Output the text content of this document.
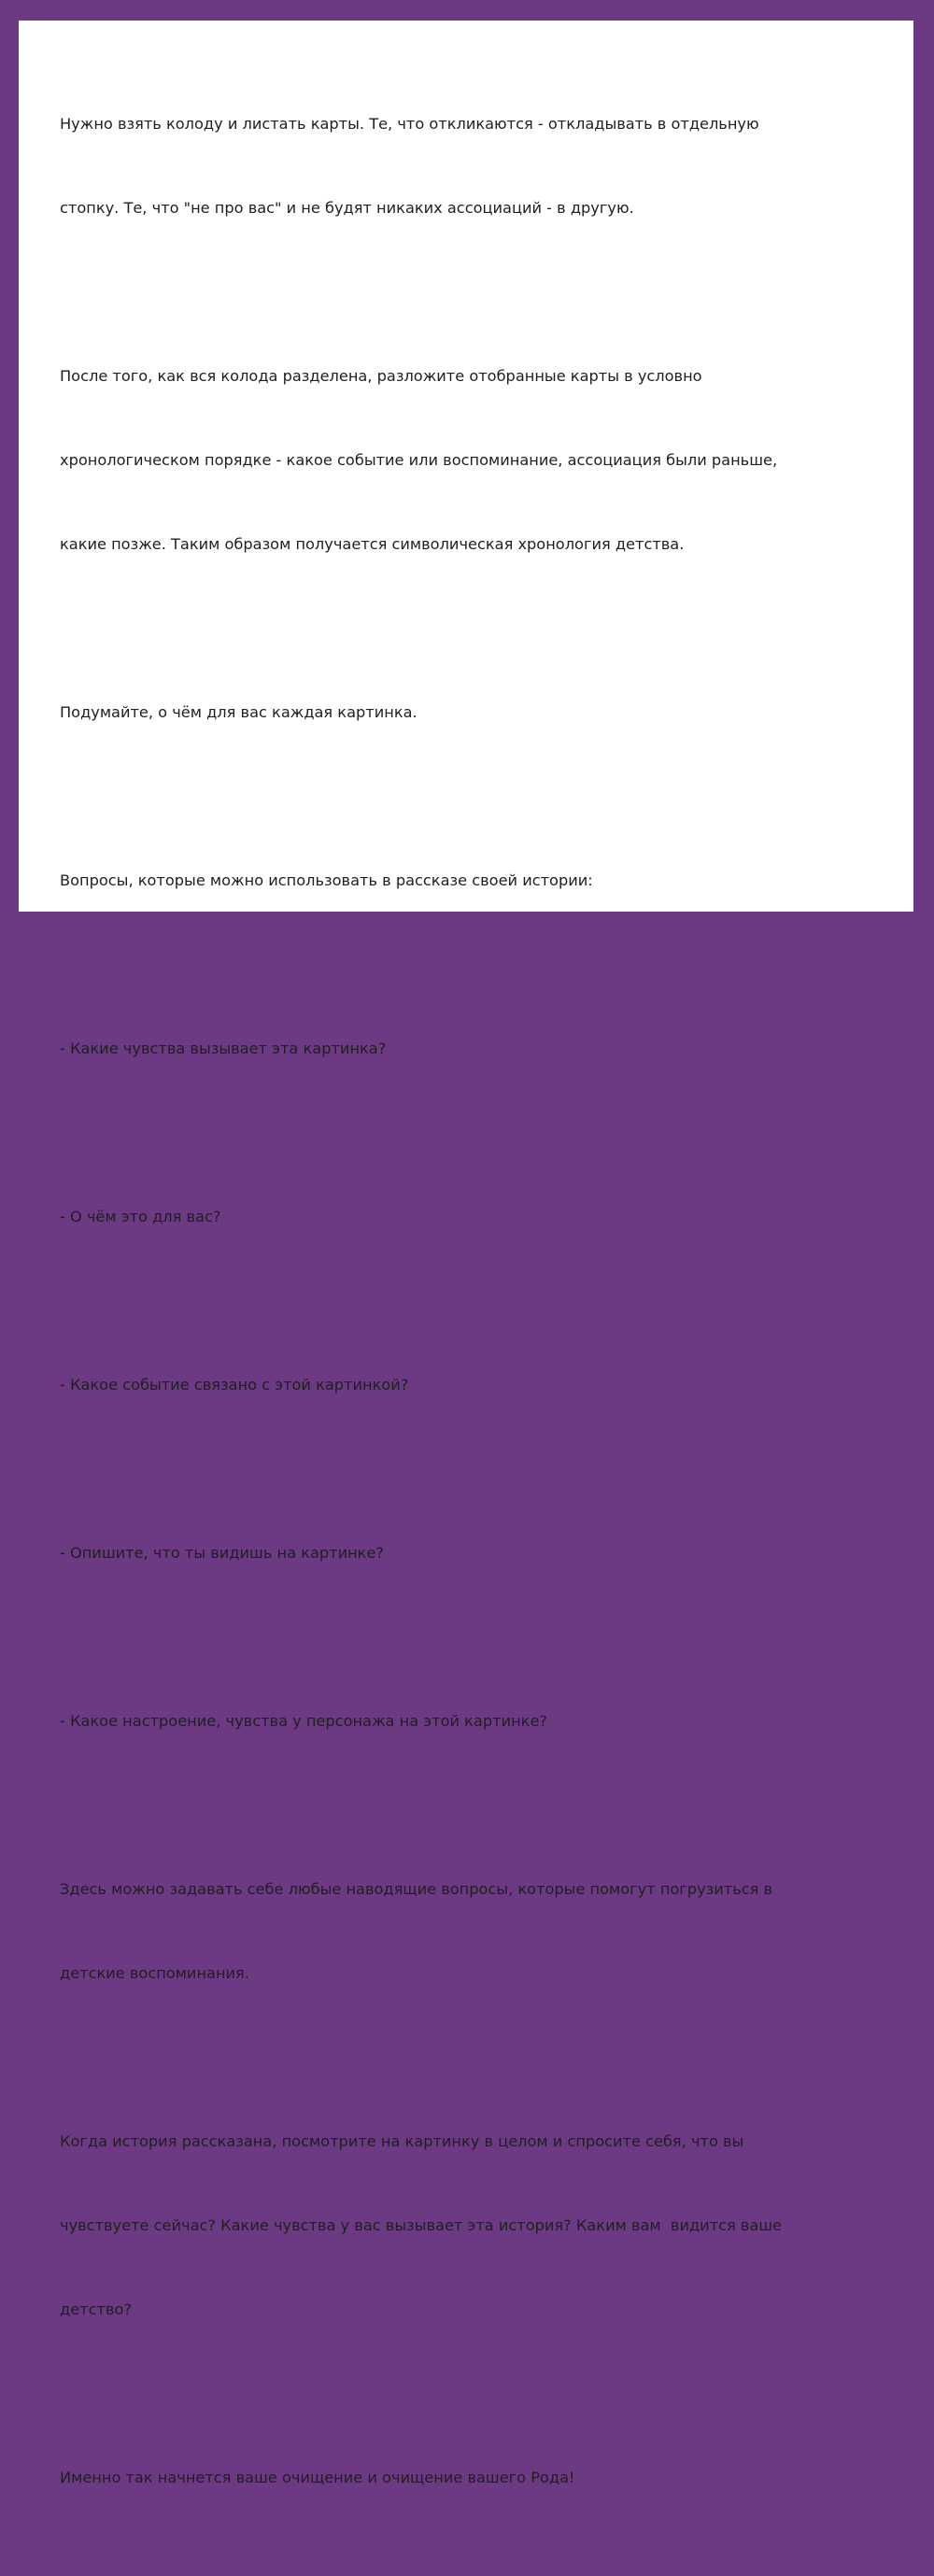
Нужно взять колоду и листать карты. Те, что откликаются - откладывать в отдельную

стопку. Те, что "не про вас" и не будят никаких ассоциаций - в другую.

После того, как вся колода разделена, разложите отобранные карты в условно

хронологическом порядке - какое событие или воспоминание, ассоциация были раньше,

какие позже. Таким образом получается символическая хронология детства.

Подумайте, о чём для вас каждая картинка.

Вопросы, которые можно использовать в рассказе своей истории:

- Какие чувства вызывает эта картинка?

- О чём это для вас?

- Какое событие связано с этой картинкой?

- Опишите, что ты видишь на картинке?

- Какое настроение, чувства у персонажа на этой картинке?

Здесь можно задавать себе любые наводящие вопросы, которые помогут погрузиться в

детские воспоминания.

Когда история рассказана, посмотрите на картинку в целом и спросите себя, что вы

чувствуете сейчас? Какие чувства у вас вызывает эта история? Каким вам  видится ваше

детство?

Именно так начнется ваше очищение и очищение вашего Рода!
